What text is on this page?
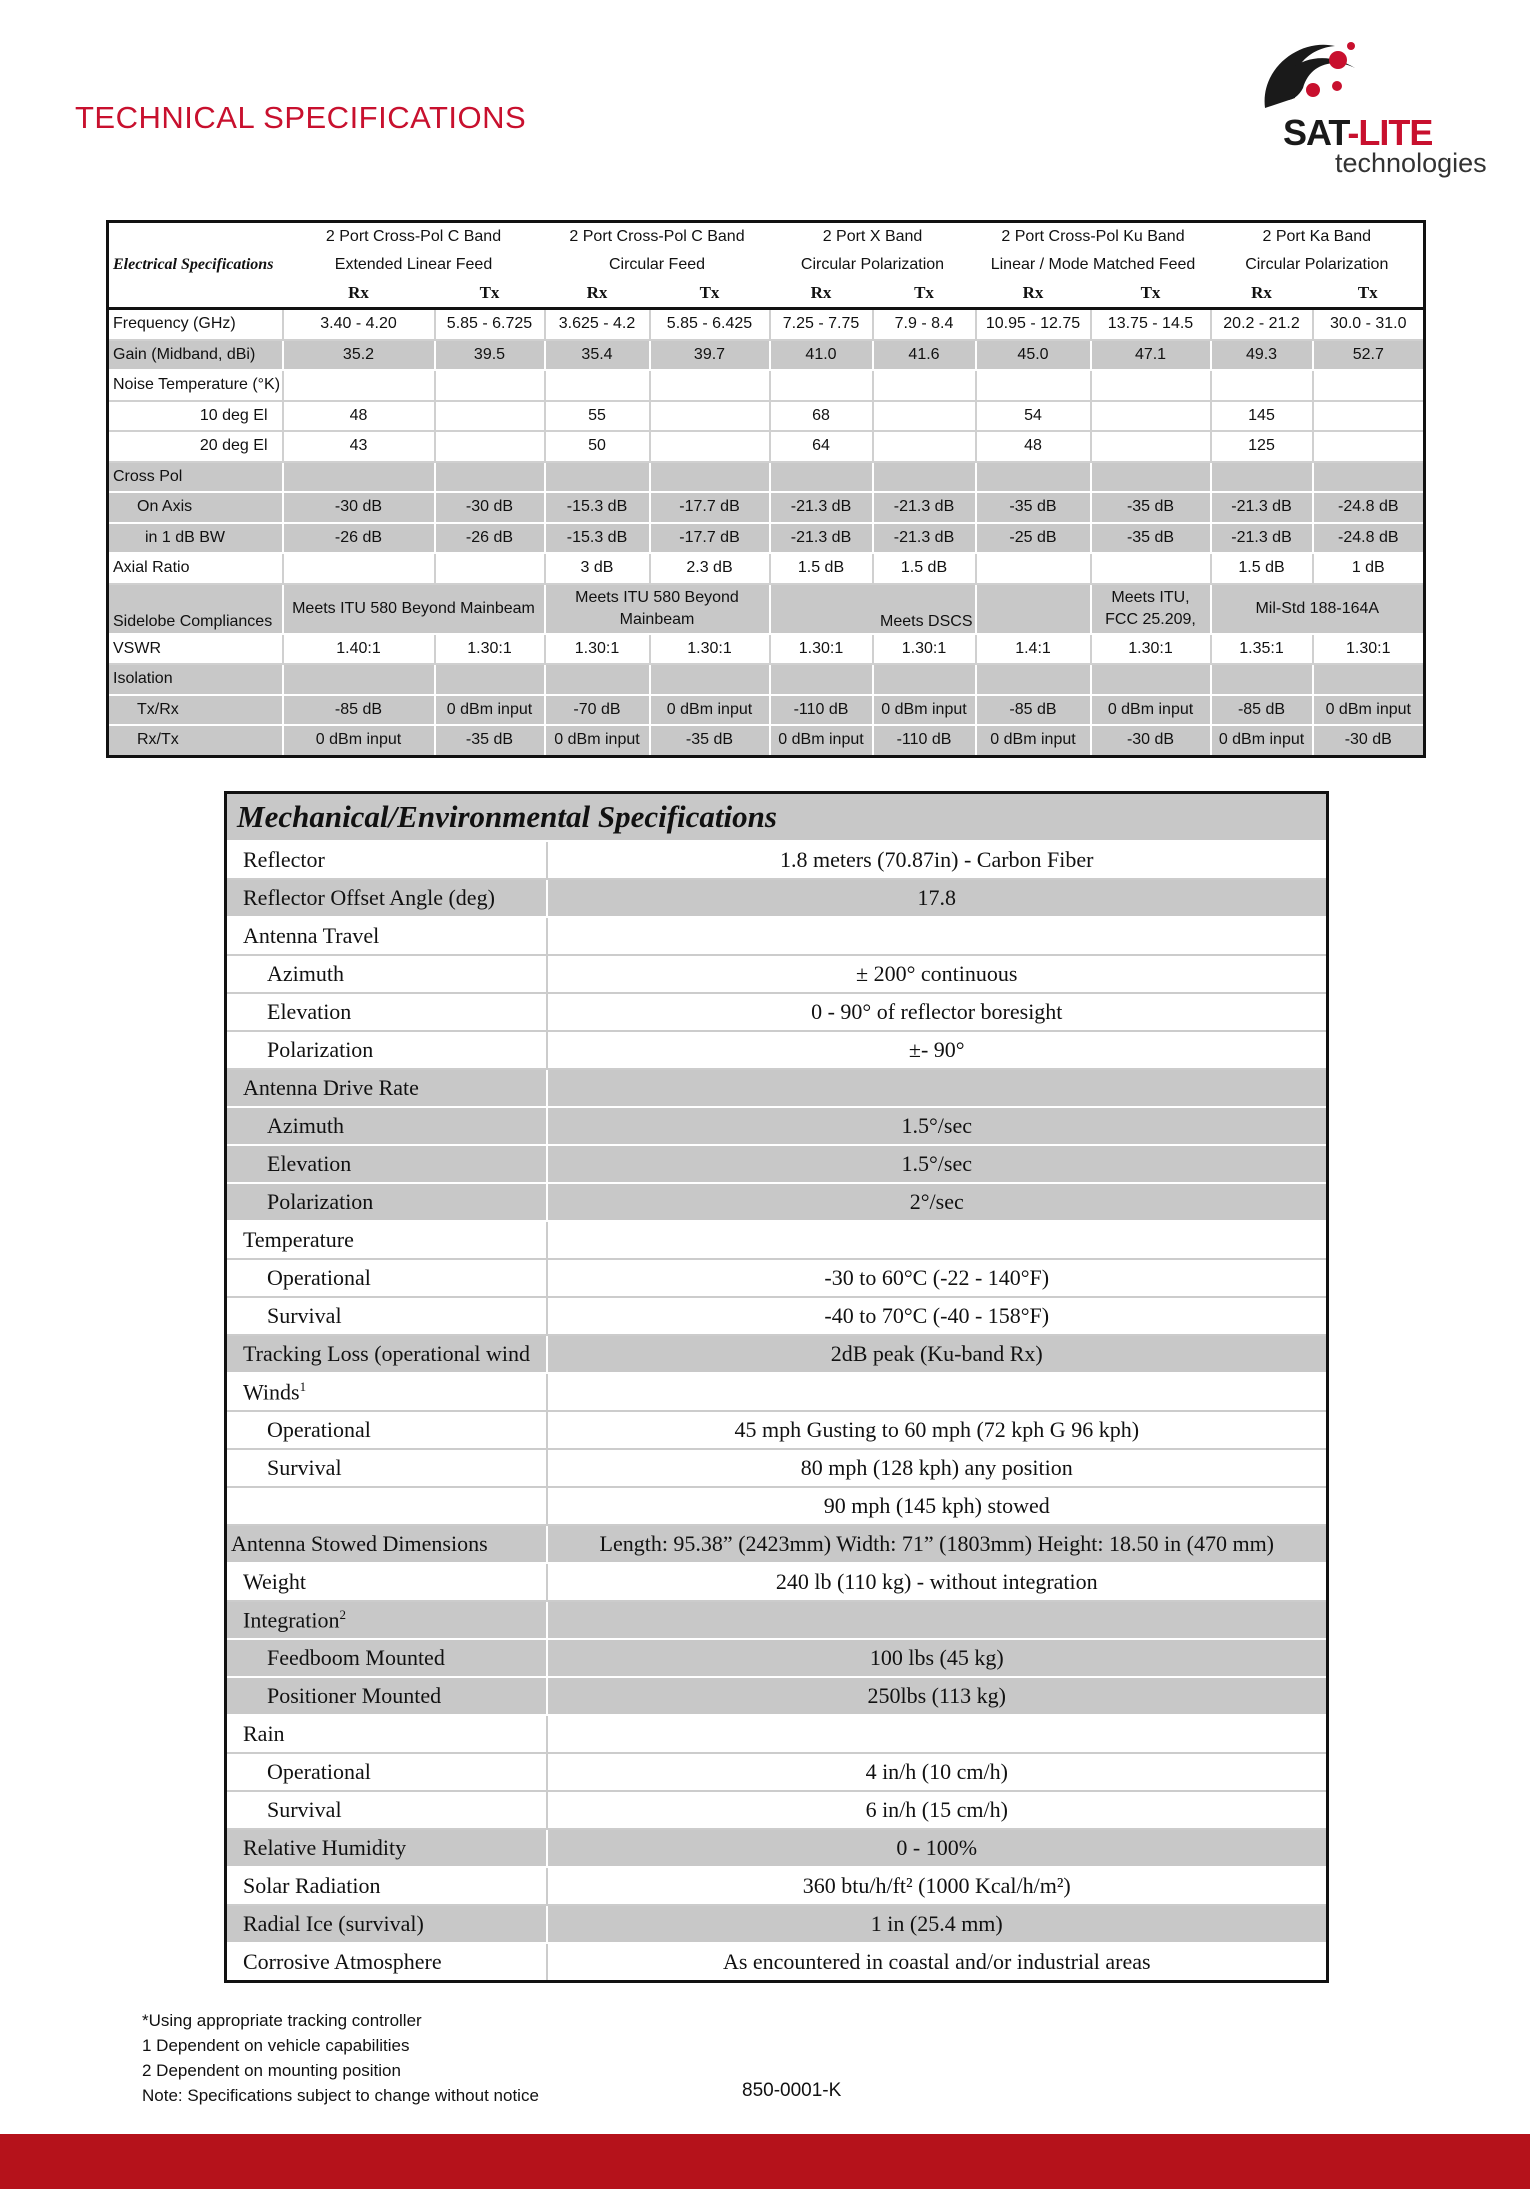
TECHNICAL SPECIFICATIONS	SAT-LITE
technologies
Electrical Specifications	2 Port Cross-Pol C Band		2 Port Cross-Pol C Band		2 Port X Band		2 Port Cross-Pol Ku Band		2 Port Ka Band	
	Extended Linear Feed		Circular Feed		Circular Polarization		Linear / Mode Matched Feed		Circular Polarization	
	Rx	Tx	Rx	Tx	Rx	Tx	Rx	Tx	Rx	Tx
Frequency (GHz)	3.40 - 4.20	5.85 - 6.725	3.625 - 4.2	5.85 - 6.425	7.25 - 7.75	7.9 - 8.4	10.95 - 12.75	13.75 - 14.5	20.2 - 21.2	30.0 - 31.0
Gain (Midband, dBi)	35.2	39.5	35.4	39.7	41.0	41.6	45.0	47.1	49.3	52.7
Noise Temperature (°K)										
10 deg El	48		55		68		54		145	
20 deg El	43		50		64		48		125	
Cross Pol										
On Axis	-30 dB	-30 dB	-15.3 dB	-17.7 dB	-21.3 dB	-21.3 dB	-35 dB	-35 dB	-21.3 dB	-24.8 dB
in 1 dB BW	-26 dB	-26 dB	-15.3 dB	-17.7 dB	-21.3 dB	-21.3 dB	-25 dB	-35 dB	-21.3 dB	-24.8 dB
Axial Ratio			3 dB	2.3 dB	1.5 dB	1.5 dB			1.5 dB	1 dB
Sidelobe Compliances	Meets ITU 580 Beyond Mainbeam		Meets ITU 580 Beyond Mainbeam		Meets DSCS			Meets ITU, FCC 25.209,	Mil-Std 188-164A	
VSWR	1.40:1	1.30:1	1.30:1	1.30:1	1.30:1	1.30:1	1.4:1	1.30:1	1.35:1	1.30:1
Isolation										
Tx/Rx	-85 dB	0 dBm input	-70 dB	0 dBm input	-110 dB	0 dBm input	-85 dB	0 dBm input	-85 dB	0 dBm input
Rx/Tx	0 dBm input	-35 dB	0 dBm input	-35 dB	0 dBm input	-110 dB	0 dBm input	-30 dB	0 dBm input	-30 dB
Mechanical/Environmental Specifications	
Reflector	1.8 meters (70.87in) - Carbon Fiber
Reflector Offset Angle (deg)	17.8
Antenna Travel	
Azimuth	± 200° continuous
Elevation	0 - 90° of reflector boresight
Polarization	±- 90°
Antenna Drive Rate	
Azimuth	1.5°/sec
Elevation	1.5°/sec
Polarization	2°/sec
Temperature	
Operational	-30 to 60°C (-22 - 140°F)
Survival	-40 to 70°C (-40 - 158°F)
Tracking Loss (operational wind	2dB peak (Ku-band Rx)
Winds$^1$	
Operational	45 mph Gusting to 60 mph (72 kph G 96 kph)
Survival	80 mph (128 kph) any position
	90 mph (145 kph) stowed
Antenna Stowed Dimensions	Length: 95.38” (2423mm) Width: 71” (1803mm) Height: 18.50 in (470 mm)
Weight	240 lb (110 kg) - without integration
Integration$^2$	
Feedboom Mounted	100 lbs (45 kg)
Positioner Mounted	250lbs (113 kg)
Rain	
Operational	4 in/h (10 cm/h)
Survival	6 in/h (15 cm/h)
Relative Humidity	0 - 100%
Solar Radiation	360 btu/h/ft² (1000 Kcal/h/m²)
Radial Ice (survival)	1 in (25.4 mm)
Corrosive Atmosphere	As encountered in coastal and/or industrial areas
*Using appropriate tracking controller
1 Dependent on vehicle capabilities
2 Dependent on mounting position
Note: Specifications subject to change without notice	850-0001-K
